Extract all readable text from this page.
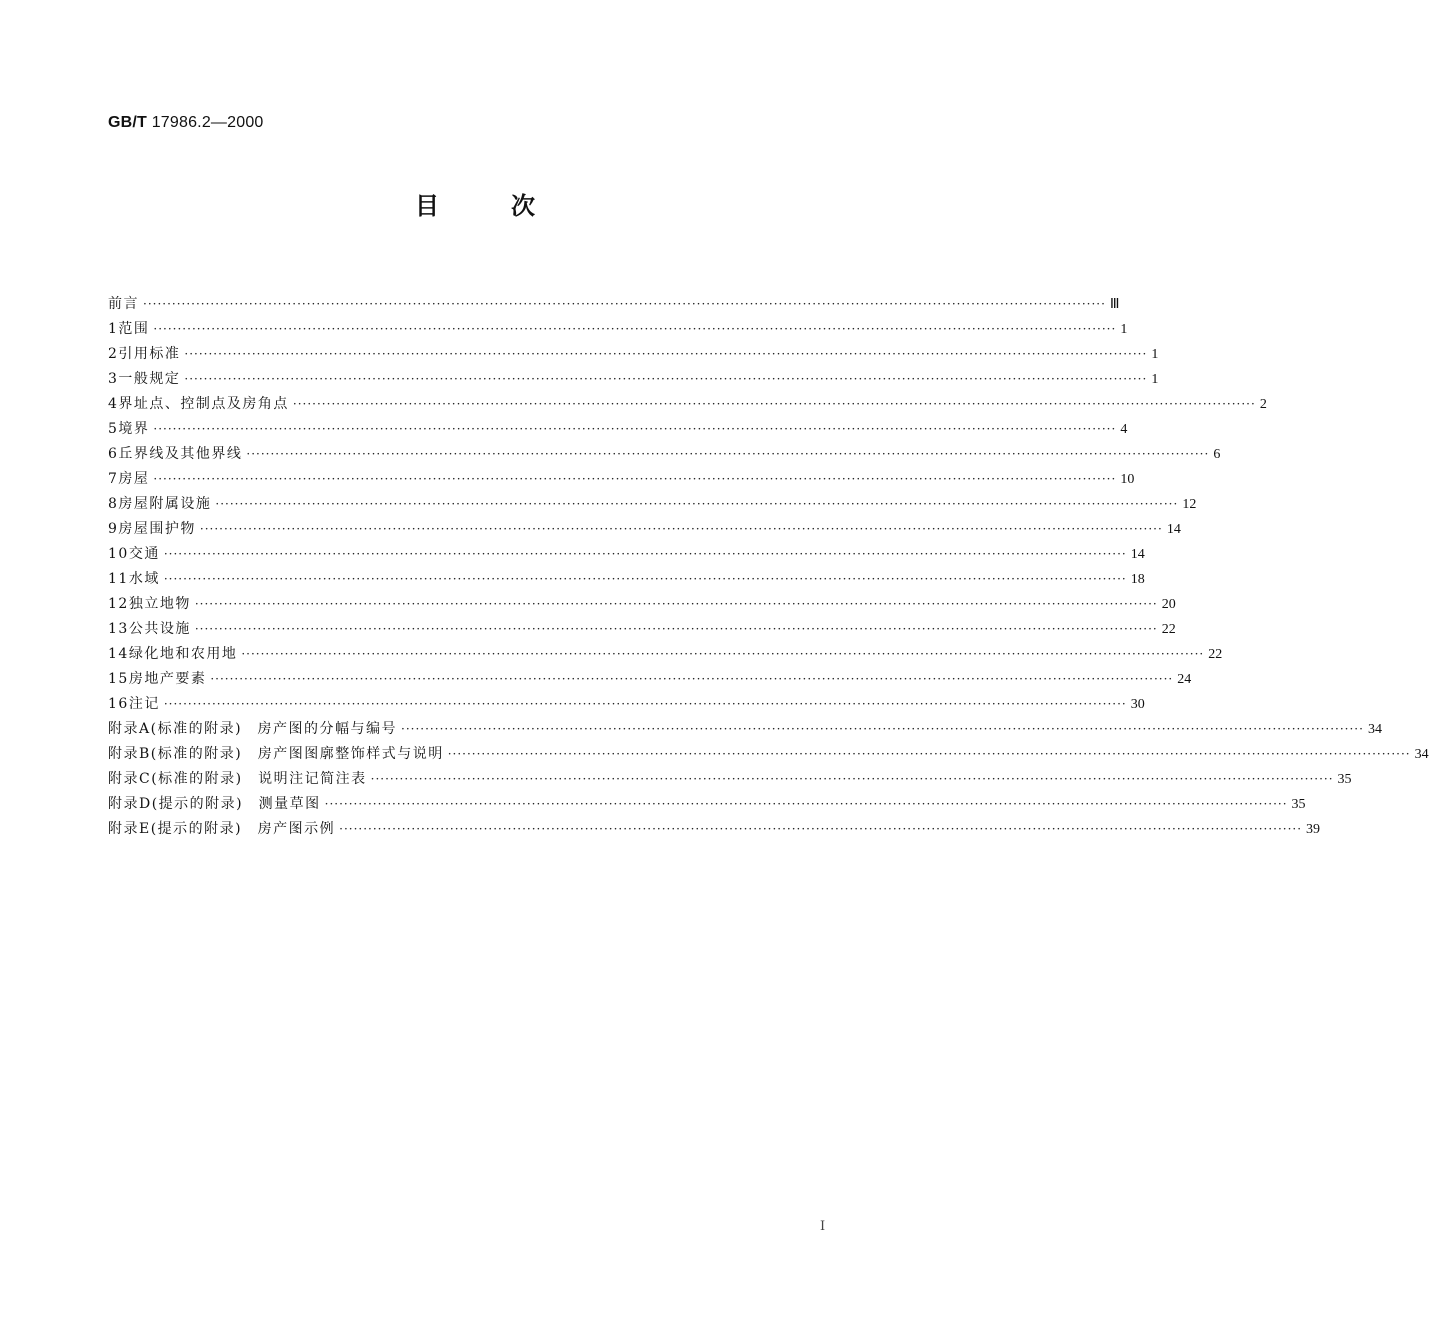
GB/T 17986.2—2000
目次
前言 ········································································································································································································ Ⅲ
1 范围 ········································································································································································································ 1
2 引用标准 ········································································································································································································ 1
3 一般规定 ········································································································································································································ 1
4 界址点、控制点及房角点 ········································································································································································································ 2
5 境界 ········································································································································································································ 4
6 丘界线及其他界线 ········································································································································································································ 6
7 房屋 ········································································································································································································ 10
8 房屋附属设施 ········································································································································································································ 12
9 房屋围护物 ········································································································································································································ 14
10 交通 ········································································································································································································ 14
11 水域 ········································································································································································································ 18
12 独立地物 ········································································································································································································ 20
13 公共设施 ········································································································································································································ 22
14 绿化地和农用地 ········································································································································································································ 22
15 房地产要素 ········································································································································································································ 24
16 注记 ········································································································································································································ 30
附录A(标准的附录)　房产图的分幅与编号 ········································································································································································································ 34
附录B(标准的附录)　房产图图廓整饰样式与说明 ········································································································································································································ 34
附录C(标准的附录)　说明注记简注表 ········································································································································································································ 35
附录D(提示的附录)　测量草图 ········································································································································································································ 35
附录E(提示的附录)　房产图示例 ········································································································································································································ 39
I
